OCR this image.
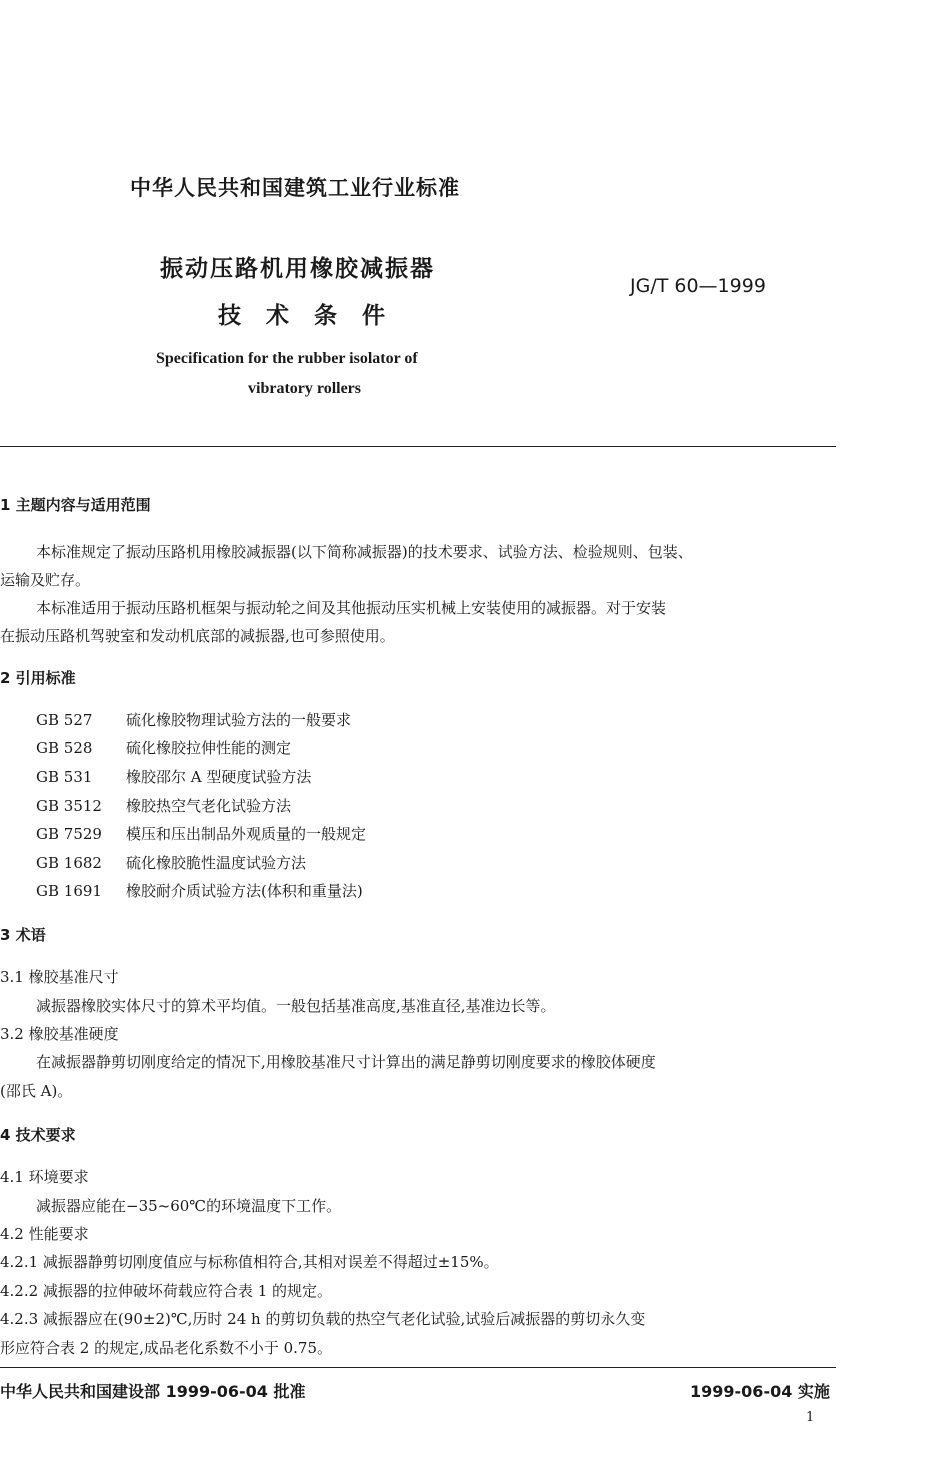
中华人民共和国建筑工业行业标准
振动压路机用橡胶减振器
技 术 条 件
JG/T 60—1999
Specification for the rubber isolator of
vibratory rollers
1 主题内容与适用范围
本标准规定了振动压路机用橡胶减振器(以下简称减振器)的技术要求、试验方法、检验规则、包装、
运输及贮存。
本标准适用于振动压路机框架与振动轮之间及其他振动压实机械上安装使用的减振器。对于安装
在振动压路机驾驶室和发动机底部的减振器,也可参照使用。
2 引用标准
GB 527 硫化橡胶物理试验方法的一般要求
GB 528 硫化橡胶拉伸性能的测定
GB 531 橡胶邵尔 A 型硬度试验方法
GB 3512 橡胶热空气老化试验方法
GB 7529 模压和压出制品外观质量的一般规定
GB 1682 硫化橡胶脆性温度试验方法
GB 1691 橡胶耐介质试验方法(体积和重量法)
3 术语
3.1 橡胶基准尺寸
减振器橡胶实体尺寸的算术平均值。一般包括基准高度,基准直径,基准边长等。
3.2 橡胶基准硬度
在减振器静剪切刚度给定的情况下,用橡胶基准尺寸计算出的满足静剪切刚度要求的橡胶体硬度
(邵氏 A)。
4 技术要求
4.1 环境要求
减振器应能在−35~60℃的环境温度下工作。
4.2 性能要求
4.2.1 减振器静剪切刚度值应与标称值相符合,其相对误差不得超过±15%。
4.2.2 减振器的拉伸破坏荷载应符合表 1 的规定。
4.2.3 减振器应在(90±2)℃,历时 24 h 的剪切负载的热空气老化试验,试验后减振器的剪切永久变
形应符合表 2 的规定,成品老化系数不小于 0.75。
中华人民共和国建设部 1999-06-04 批准	1999-06-04 实施
1
